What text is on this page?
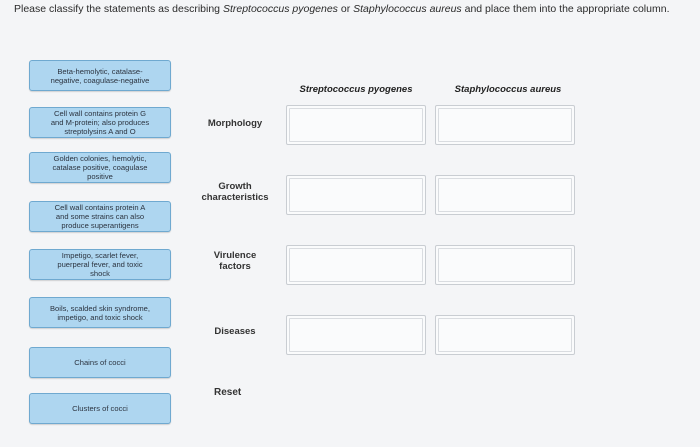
Please classify the statements as describing Streptococcus pyogenes or Staphylococcus aureus and place them into the appropriate column.
Beta-hemolytic, catalase-
negative, coagulase-negative
Cell wall contains protein G
and M-protein; also produces
streptolysins A and O
Golden colonies, hemolytic,
catalase positive, coagulase
positive
Cell wall contains protein A
and some strains can also
produce superantigens
Impetigo, scarlet fever,
puerperal fever, and toxic
shock
Boils, scalded skin syndrome,
impetigo, and toxic shock
Chains of cocci
Clusters of cocci
Streptococcus pyogenes	Staphylococcus aureus
Morphology
Growth
characteristics
Virulence
factors
Diseases
Reset
